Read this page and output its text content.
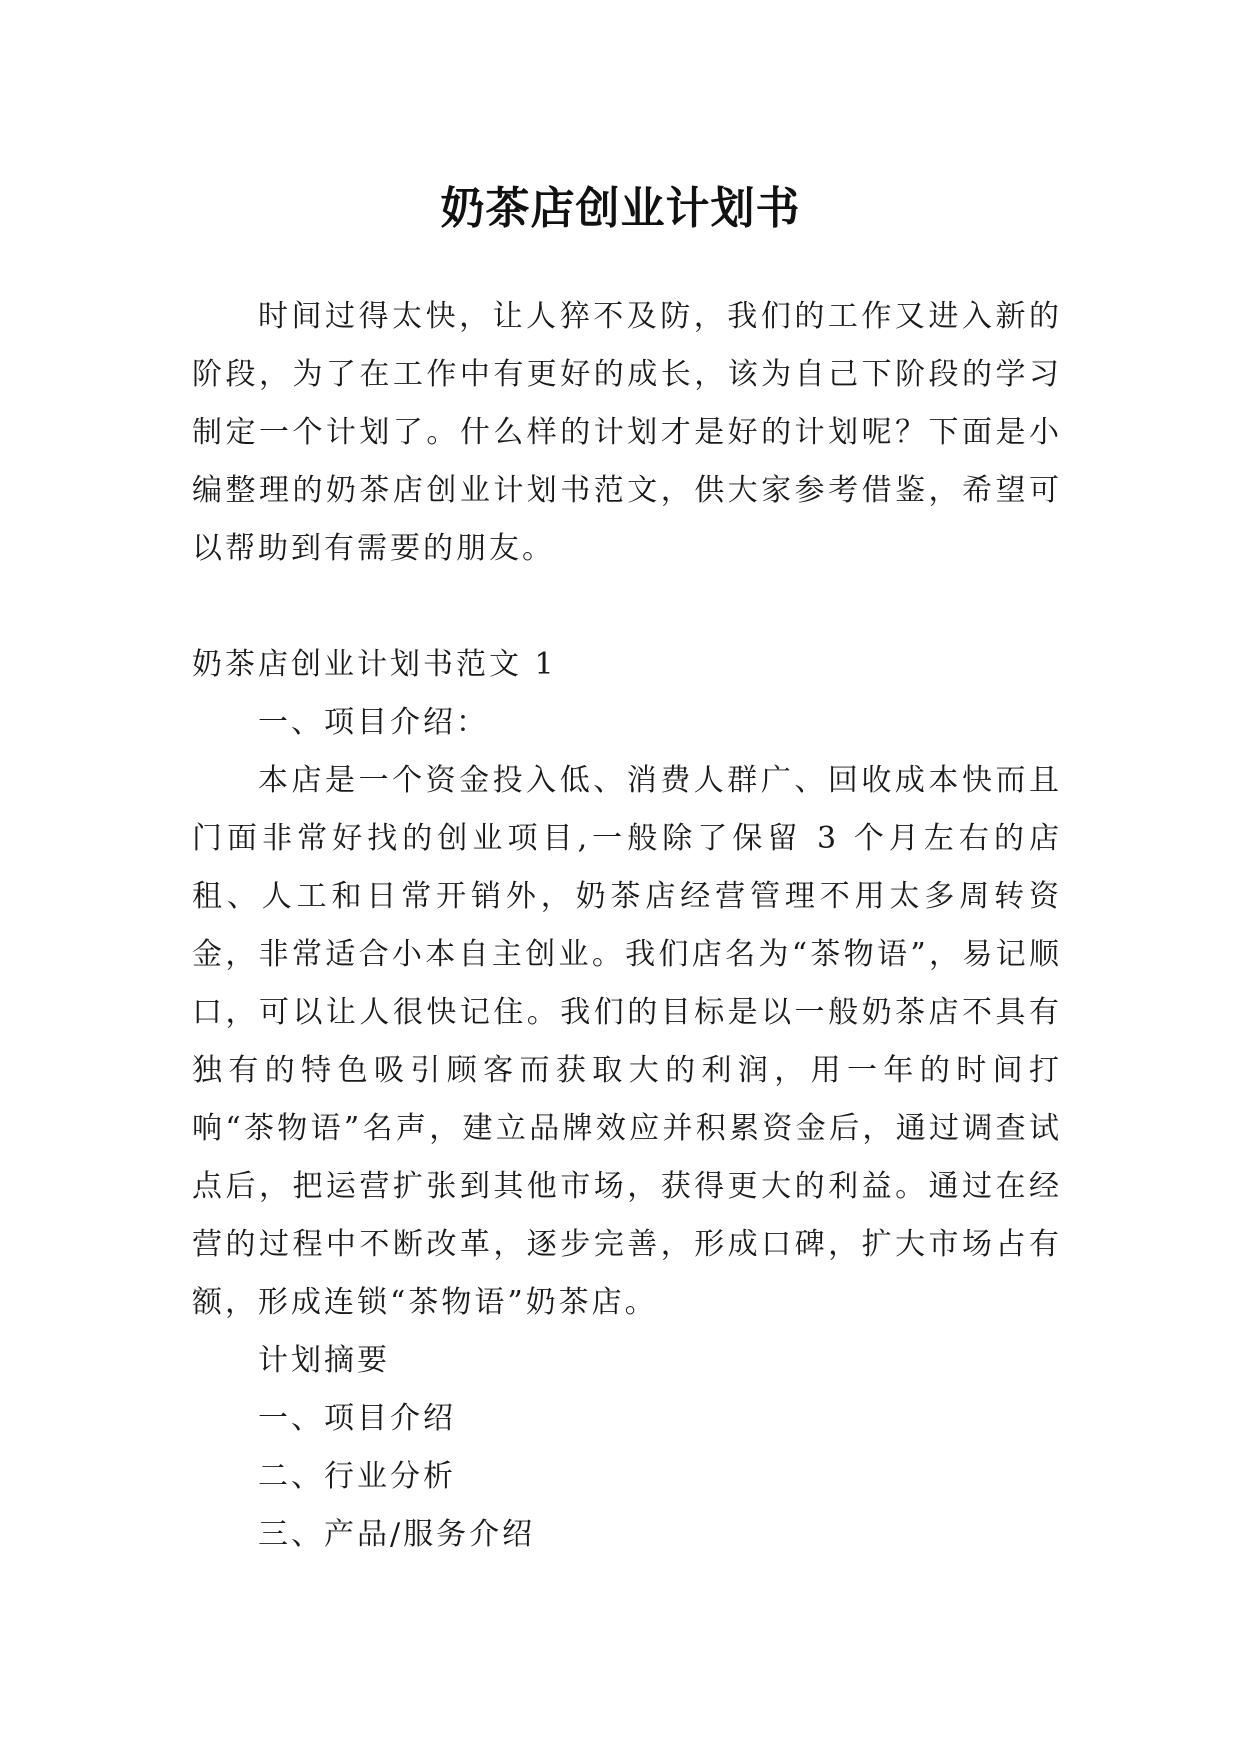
奶茶店创业计划书

时间过得太快，让人猝不及防，我们的工作又进入新的阶段，为了在工作中有更好的成长，该为自己下阶段的学习制定一个计划了。什么样的计划才是好的计划呢？下面是小编整理的奶茶店创业计划书范文，供大家参考借鉴，希望可以帮助到有需要的朋友。

奶茶店创业计划书范文 1

一、项目介绍：

本店是一个资金投入低、消费人群广、回收成本快而且门面非常好找的创业项目,一般除了保留 3 个月左右的店租、人工和日常开销外，奶茶店经营管理不用太多周转资金，非常适合小本自主创业。我们店名为“茶物语”，易记顺口，可以让人很快记住。我们的目标是以一般奶茶店不具有独有的特色吸引顾客而获取大的利润，用一年的时间打响“茶物语”名声，建立品牌效应并积累资金后，通过调查试点后，把运营扩张到其他市场，获得更大的利益。通过在经营的过程中不断改革，逐步完善，形成口碑，扩大市场占有额，形成连锁“茶物语”奶茶店。

计划摘要

一、项目介绍

二、行业分析

三、产品/服务介绍
